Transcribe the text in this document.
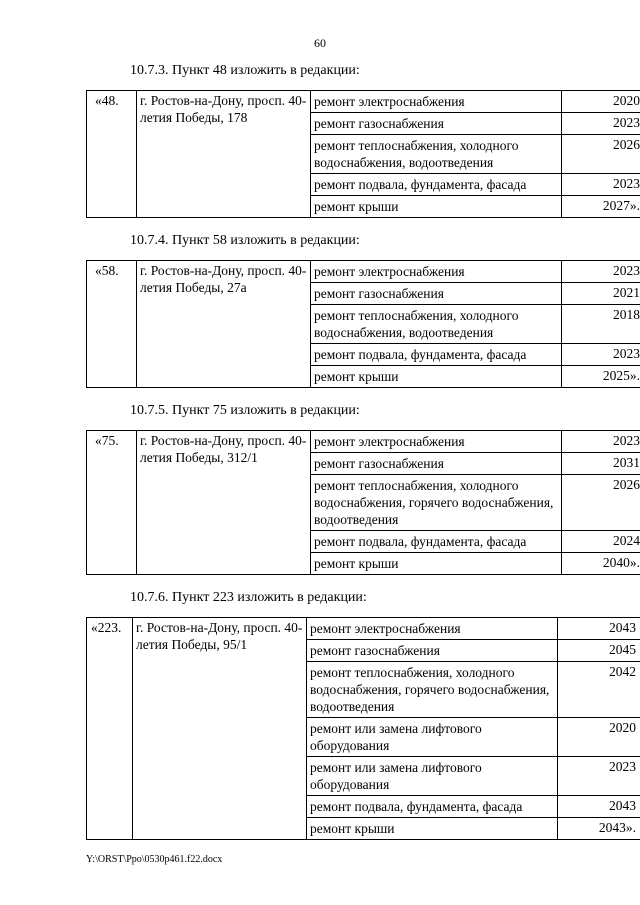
60
10.7.3. Пункт 48 изложить в редакции:
«48.	г. Ростов-на-Дону, просп. 40-летия Победы, 178	ремонт электроснабжения	2020
		ремонт газоснабжения	2023
		ремонт теплоснабжения, холодного водоснабжения, водоотведения	2026
		ремонт подвала, фундамента, фасада	2023
		ремонт крыши	2027».
10.7.4. Пункт 58 изложить в редакции:
«58.	г. Ростов-на-Дону, просп. 40-летия Победы, 27а	ремонт электроснабжения	2023
		ремонт газоснабжения	2021
		ремонт теплоснабжения, холодного водоснабжения, водоотведения	2018
		ремонт подвала, фундамента, фасада	2023
		ремонт крыши	2025».
10.7.5. Пункт 75 изложить в редакции:
«75.	г. Ростов-на-Дону, просп. 40-летия Победы, 312/1	ремонт электроснабжения	2023
		ремонт газоснабжения	2031
		ремонт теплоснабжения, холодного водоснабжения, горячего водоснабжения, водоотведения	2026
		ремонт подвала, фундамента, фасада	2024
		ремонт крыши	2040».
10.7.6. Пункт 223 изложить в редакции:
«223.	г. Ростов-на-Дону, просп. 40-летия Победы, 95/1	ремонт электроснабжения	2043
		ремонт газоснабжения	2045
		ремонт теплоснабжения, холодного водоснабжения, горячего водоснабжения, водоотведения	2042
		ремонт или замена лифтового оборудования	2020
		ремонт или замена лифтового оборудования	2023
		ремонт подвала, фундамента, фасада	2043
		ремонт крыши	2043».
Y:\ORST\Ppo\0530p461.f22.docx
